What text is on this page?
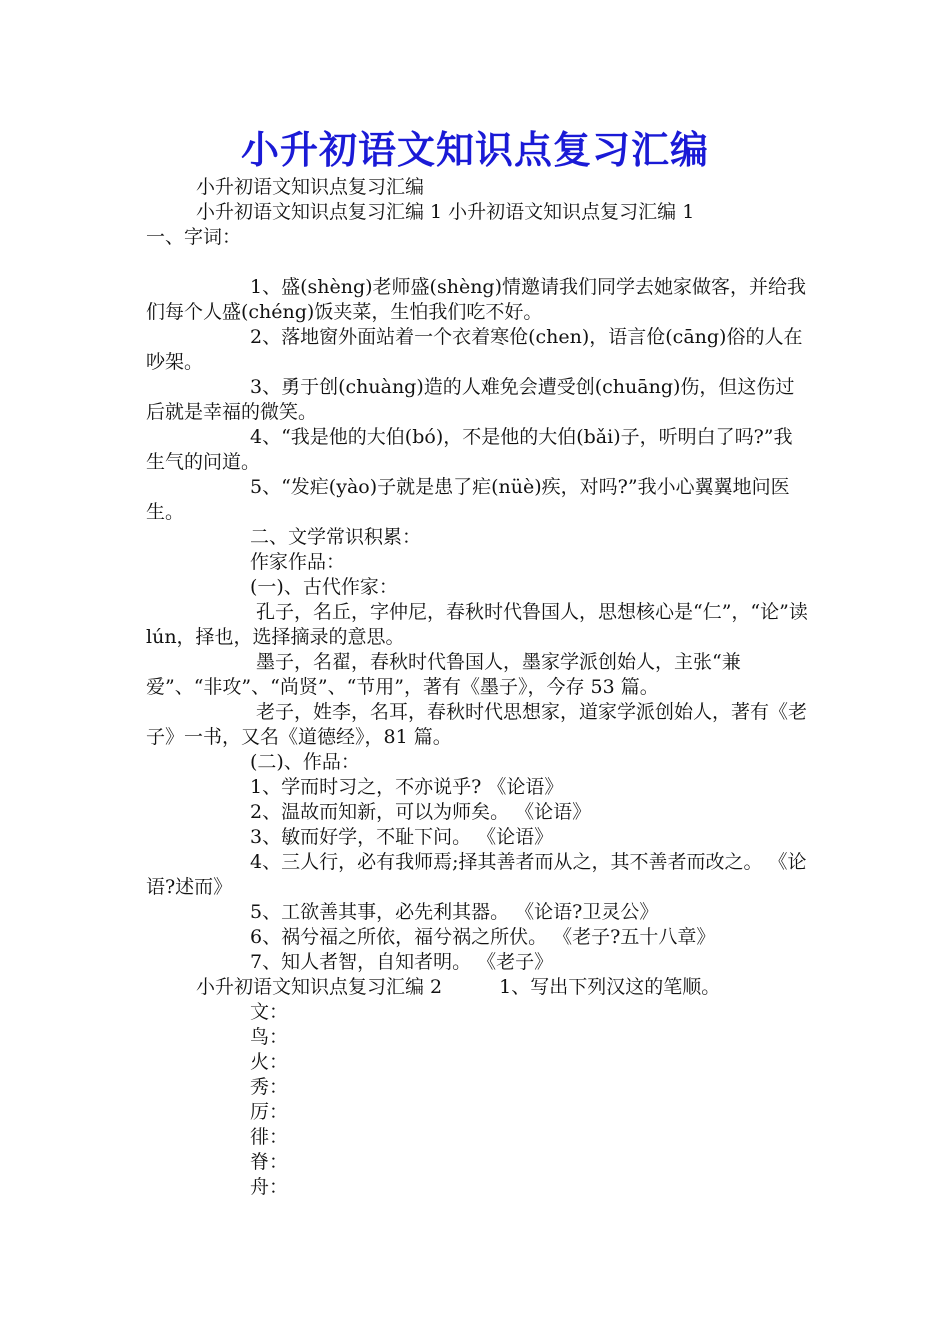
小升初语文知识点复习汇编

小升初语文知识点复习汇编

小升初语文知识点复习汇编 1 小升初语文知识点复习汇编 1

一、字词：

1、盛(shèng)老师盛(shèng)情邀请我们同学去她家做客，并给我们每个人盛(chéng)饭夹菜，生怕我们吃不好。

2、落地窗外面站着一个衣着寒伧(chen)，语言伧(cāng)俗的人在吵架。

3、勇于创(chuàng)造的人难免会遭受创(chuāng)伤，但这伤过后就是幸福的微笑。

4、“我是他的大伯(bó)，不是他的大伯(bǎi)子，听明白了吗?”我生气的问道。

5、“发疟(yào)子就是患了疟(nüè)疾，对吗?”我小心翼翼地问医生。

二、文学常识积累：

作家作品：

(一)、古代作家：

孔子，名丘，字仲尼，春秋时代鲁国人，思想核心是“仁”，“论”读 lún，择也，选择摘录的意思。

墨子，名翟，春秋时代鲁国人，墨家学派创始人，主张“兼爱”、“非攻”、“尚贤”、“节用”，著有《墨子》，今存 53 篇。

老子，姓李，名耳，春秋时代思想家，道家学派创始人，著有《老子》一书，又名《道德经》，81 篇。

(二)、作品：

1、学而时习之，不亦说乎? 《论语》

2、温故而知新，可以为师矣。 《论语》

3、敏而好学，不耻下问。 《论语》

4、三人行，必有我师焉;择其善者而从之，其不善者而改之。 《论语?述而》

5、工欲善其事，必先利其器。 《论语?卫灵公》

6、祸兮福之所依，福兮祸之所伏。 《老子?五十八章》

7、知人者智，自知者明。 《老子》

小升初语文知识点复习汇编 2　　　1、写出下列汉这的笔顺。

文：

鸟：

火：

秀：

厉：

徘：

脊：

舟：
